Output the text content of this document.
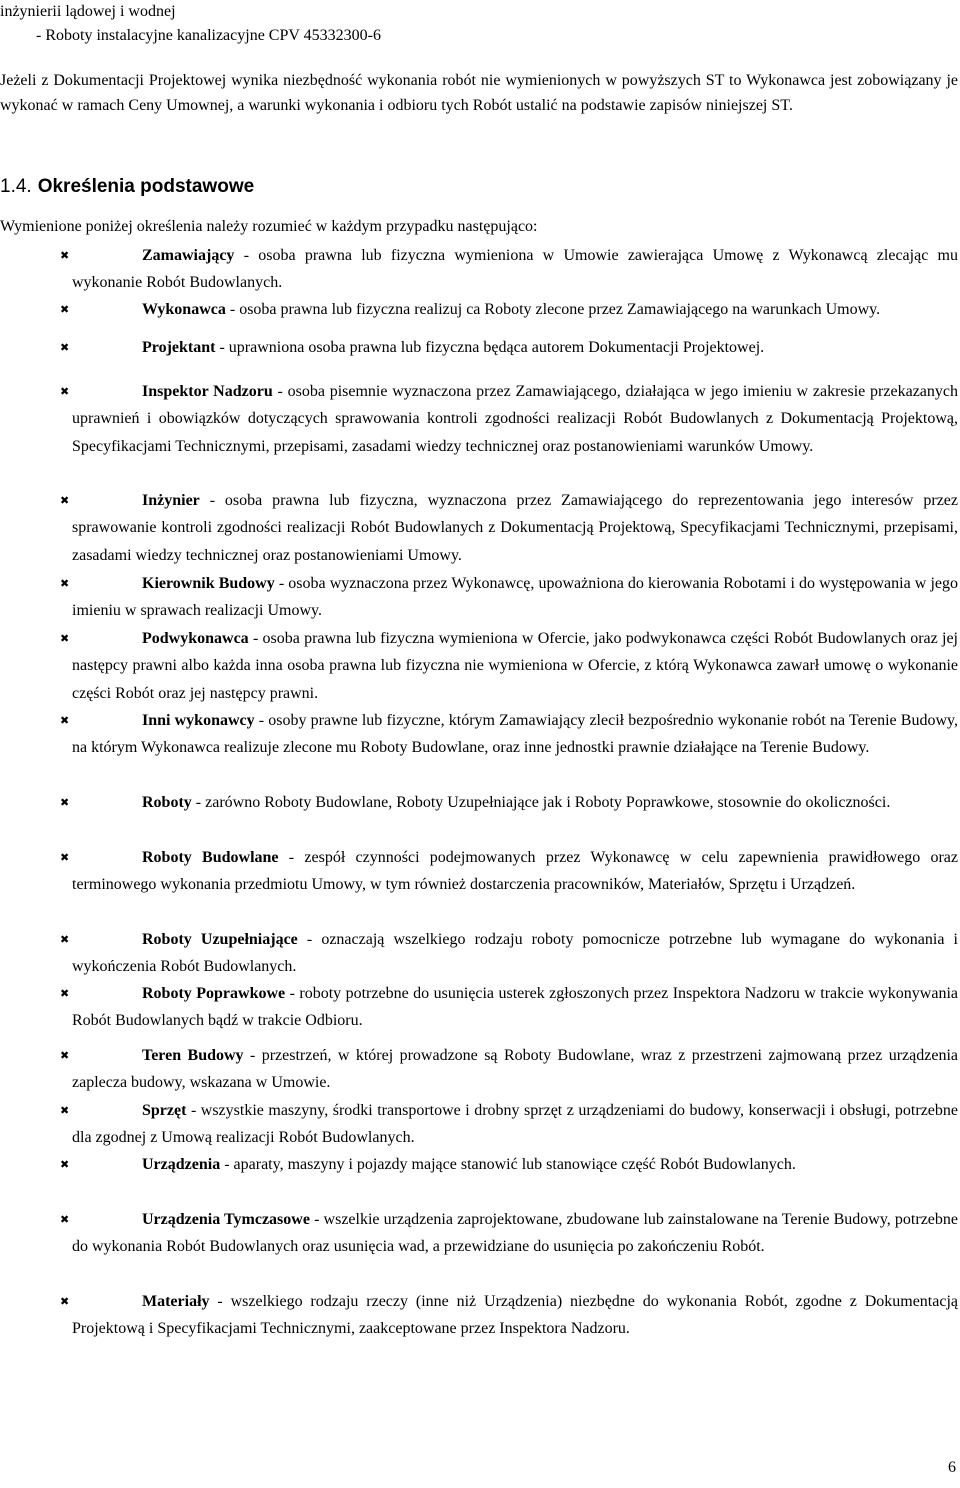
inżynierii lądowej i wodnej
- Roboty instalacyjne kanalizacyjne CPV 45332300-6
Jeżeli z Dokumentacji Projektowej wynika niezbędność wykonania robót nie wymienionych w powyższych ST to Wykonawca jest zobowiązany je wykonać w ramach Ceny Umownej, a warunki wykonania i odbioru tych Robót ustalić na podstawie zapisów niniejszej ST.
1.4. Określenia podstawowe
Wymienione poniżej określenia należy rozumieć w każdym przypadku następująco:
✖	Zamawiający - osoba prawna lub fizyczna wymieniona w Umowie zawierająca Umowę z Wykonawcą zlecając mu wykonanie Robót Budowlanych.
✖	Wykonawca - osoba prawna lub fizyczna realizuj ca Roboty zlecone przez Zamawiającego na warunkach Umowy.
✖	Projektant - uprawniona osoba prawna lub fizyczna będąca autorem Dokumentacji Projektowej.
✖	Inspektor Nadzoru - osoba pisemnie wyznaczona przez Zamawiającego, działająca w jego imieniu w zakresie przekazanych uprawnień i obowiązków dotyczących sprawowania kontroli zgodności realizacji Robót Budowlanych z Dokumentacją Projektową, Specyfikacjami Technicznymi, przepisami, zasadami wiedzy technicznej oraz postanowieniami warunków Umowy.
✖	Inżynier - osoba prawna lub fizyczna, wyznaczona przez Zamawiającego do reprezentowania jego interesów przez sprawowanie kontroli zgodności realizacji Robót Budowlanych z Dokumentacją Projektową, Specyfikacjami Technicznymi, przepisami, zasadami wiedzy technicznej oraz postanowieniami Umowy.
✖	Kierownik Budowy - osoba wyznaczona przez Wykonawcę, upoważniona do kierowania Robotami i do występowania w jego imieniu w sprawach realizacji Umowy.
✖	Podwykonawca - osoba prawna lub fizyczna wymieniona w Ofercie, jako podwykonawca części Robót Budowlanych oraz jej następcy prawni albo każda inna osoba prawna lub fizyczna nie wymieniona w Ofercie, z którą Wykonawca zawarł umowę o wykonanie części Robót oraz jej następcy prawni.
✖	Inni wykonawcy - osoby prawne lub fizyczne, którym Zamawiający zlecił bezpośrednio wykonanie robót na Terenie Budowy, na którym Wykonawca realizuje zlecone mu Roboty Budowlane, oraz inne jednostki prawnie działające na Terenie Budowy.
✖	Roboty - zarówno Roboty Budowlane, Roboty Uzupełniające jak i Roboty Poprawkowe, stosownie do okoliczności.
✖	Roboty Budowlane - zespół czynności podejmowanych przez Wykonawcę w celu zapewnienia prawidłowego oraz terminowego wykonania przedmiotu Umowy, w tym również dostarczenia pracowników, Materiałów, Sprzętu i Urządzeń.
✖	Roboty Uzupełniające - oznaczają wszelkiego rodzaju roboty pomocnicze potrzebne lub wymagane do wykonania i wykończenia Robót Budowlanych.
✖	Roboty Poprawkowe - roboty potrzebne do usunięcia usterek zgłoszonych przez Inspektora Nadzoru w trakcie wykonywania Robót Budowlanych bądź w trakcie Odbioru.
✖	Teren Budowy - przestrzeń, w której prowadzone są Roboty Budowlane, wraz z przestrzeni zajmowaną przez urządzenia zaplecza budowy, wskazana w Umowie.
✖	Sprzęt - wszystkie maszyny, środki transportowe i drobny sprzęt z urządzeniami do budowy, konserwacji i obsługi, potrzebne dla zgodnej z Umową realizacji Robót Budowlanych.
✖	Urządzenia - aparaty, maszyny i pojazdy mające stanowić lub stanowiące część Robót Budowlanych.
✖	Urządzenia Tymczasowe - wszelkie urządzenia zaprojektowane, zbudowane lub zainstalowane na Terenie Budowy, potrzebne do wykonania Robót Budowlanych oraz usunięcia wad, a przewidziane do usunięcia po zakończeniu Robót.
✖	Materiały - wszelkiego rodzaju rzeczy (inne niż Urządzenia) niezbędne do wykonania Robót, zgodne z Dokumentacją Projektową i Specyfikacjami Technicznymi, zaakceptowane przez Inspektora Nadzoru.
6
